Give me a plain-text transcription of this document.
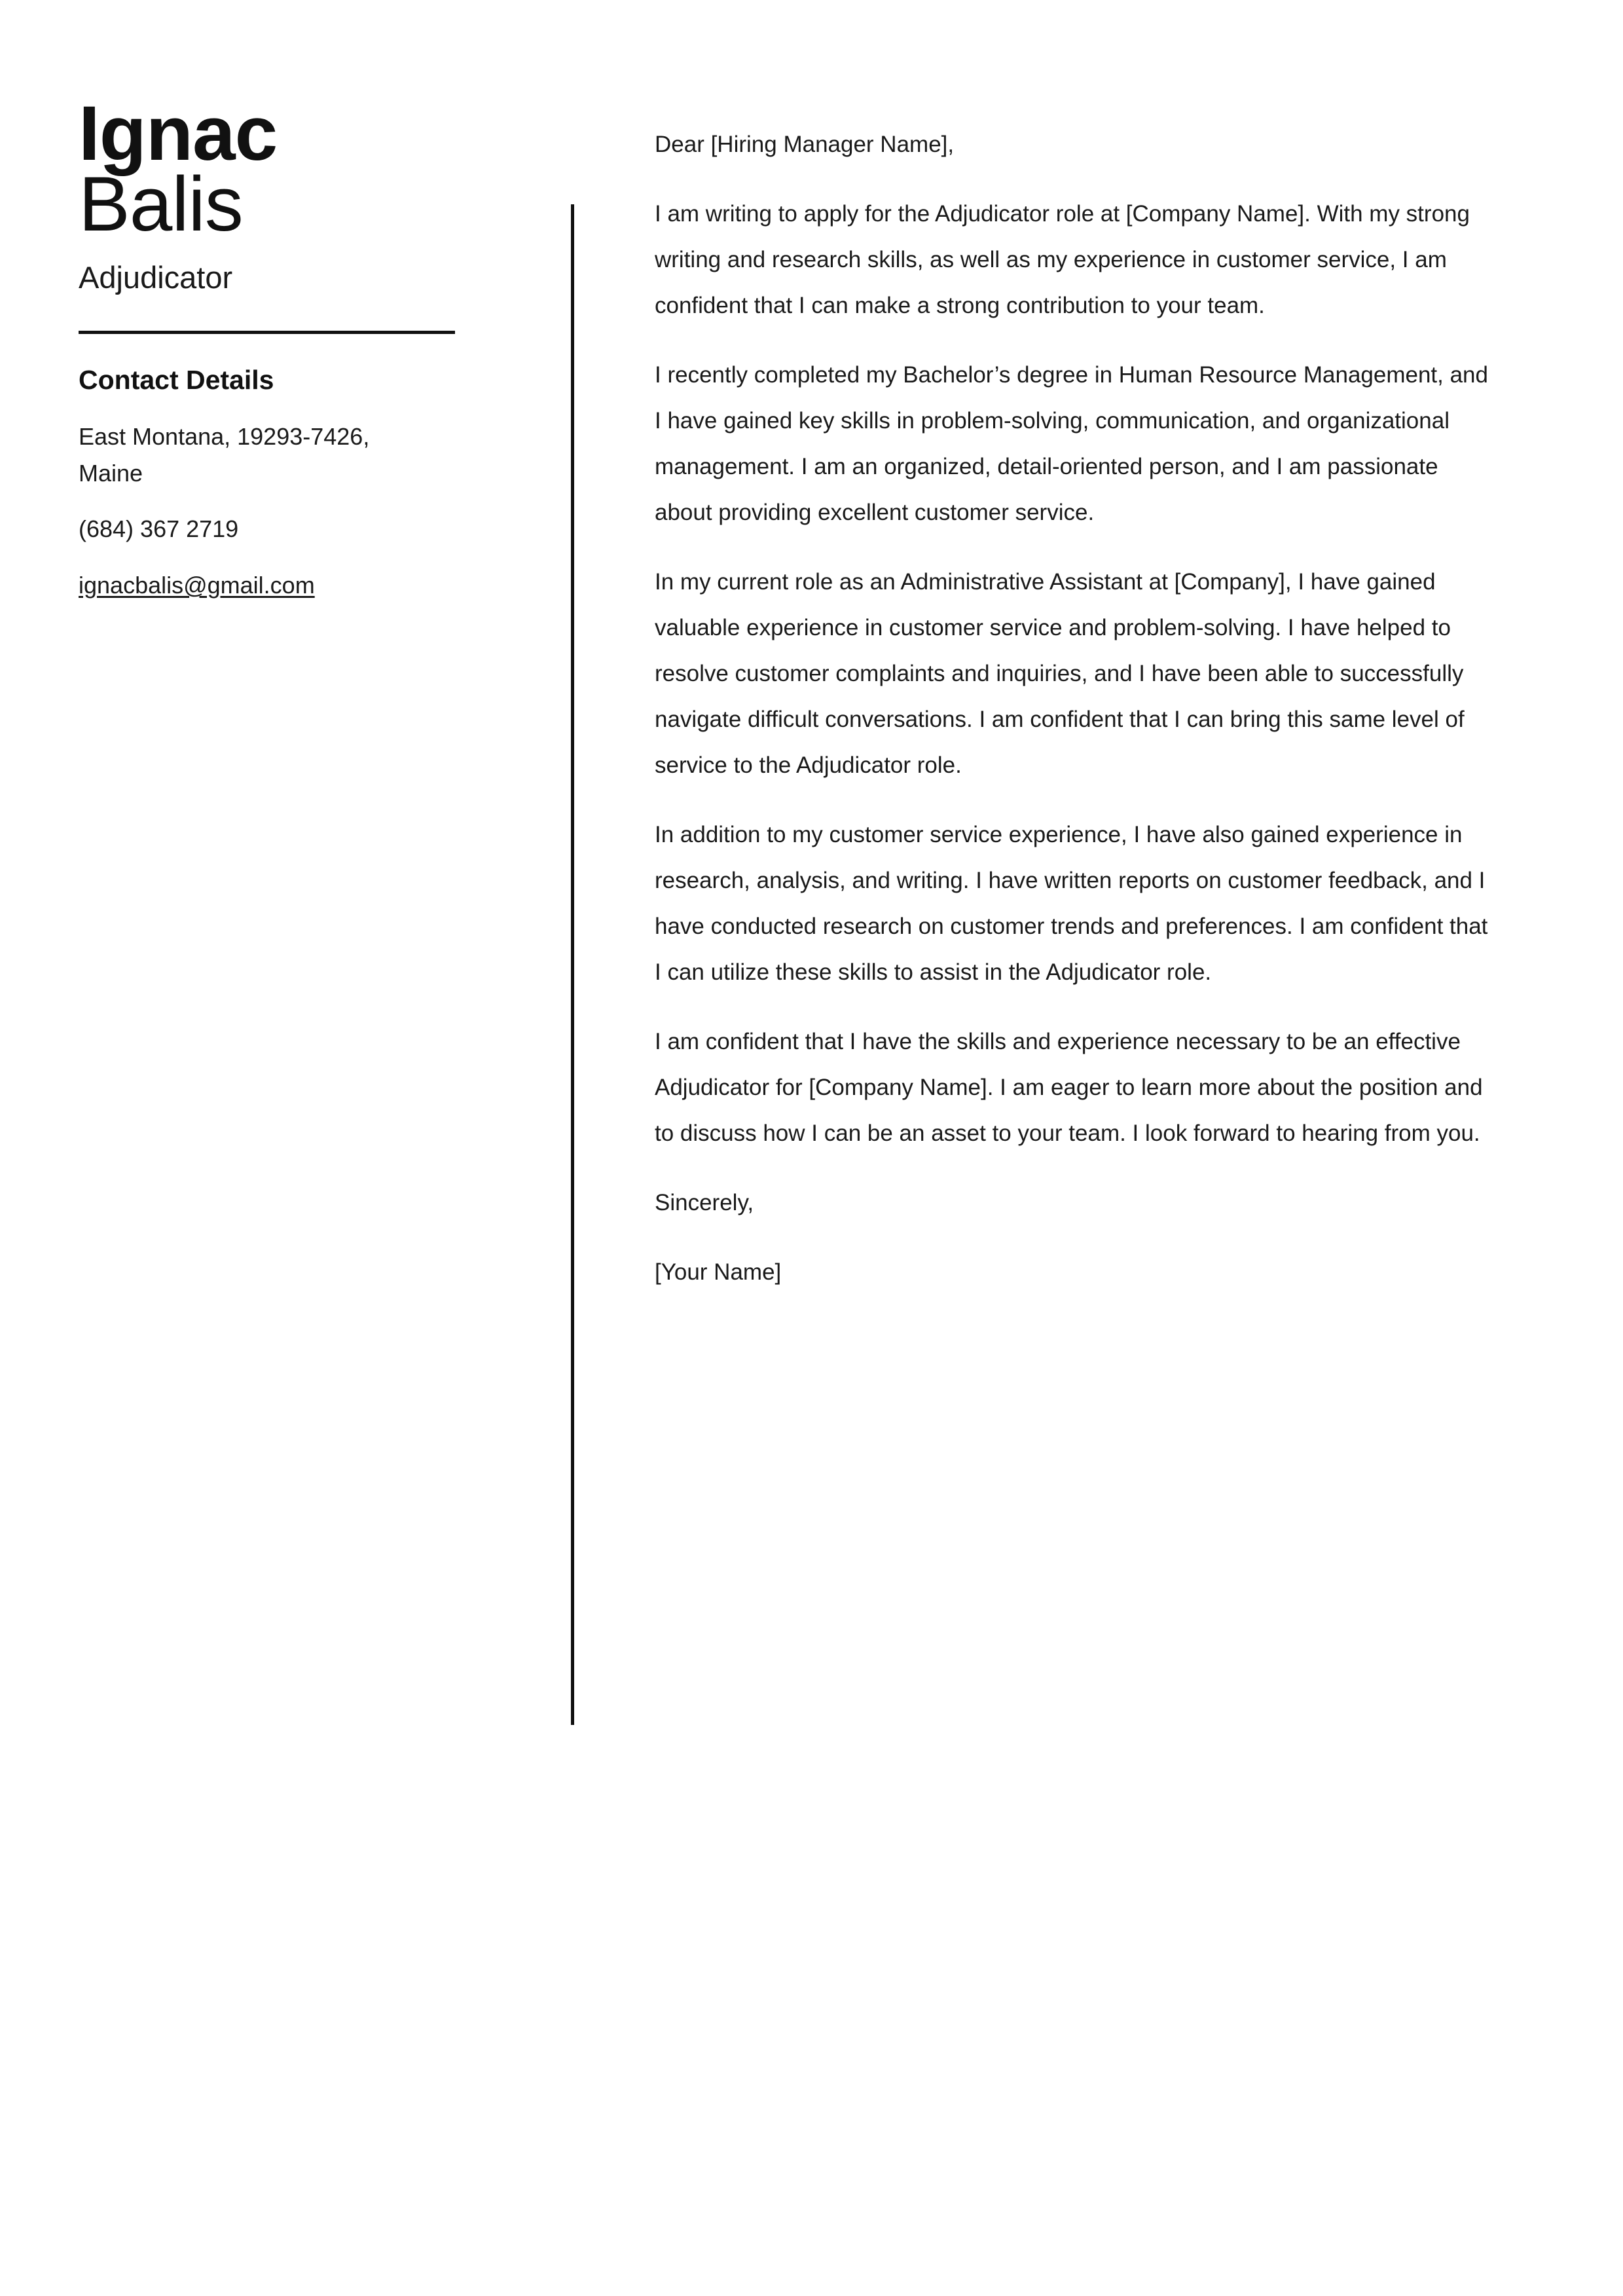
Ignac
Balis
Adjudicator
Contact Details
East Montana, 19293-7426, Maine
(684) 367 2719
ignacbalis@gmail.com

Dear [Hiring Manager Name],

I am writing to apply for the Adjudicator role at [Company Name]. With my strong writing and research skills, as well as my experience in customer service, I am confident that I can make a strong contribution to your team.

I recently completed my Bachelor’s degree in Human Resource Management, and I have gained key skills in problem-solving, communication, and organizational management. I am an organized, detail-oriented person, and I am passionate about providing excellent customer service.

In my current role as an Administrative Assistant at [Company], I have gained valuable experience in customer service and problem-solving. I have helped to resolve customer complaints and inquiries, and I have been able to successfully navigate difficult conversations. I am confident that I can bring this same level of service to the Adjudicator role.

In addition to my customer service experience, I have also gained experience in research, analysis, and writing. I have written reports on customer feedback, and I have conducted research on customer trends and preferences. I am confident that I can utilize these skills to assist in the Adjudicator role.

I am confident that I have the skills and experience necessary to be an effective Adjudicator for [Company Name]. I am eager to learn more about the position and to discuss how I can be an asset to your team. I look forward to hearing from you.

Sincerely,

[Your Name]
